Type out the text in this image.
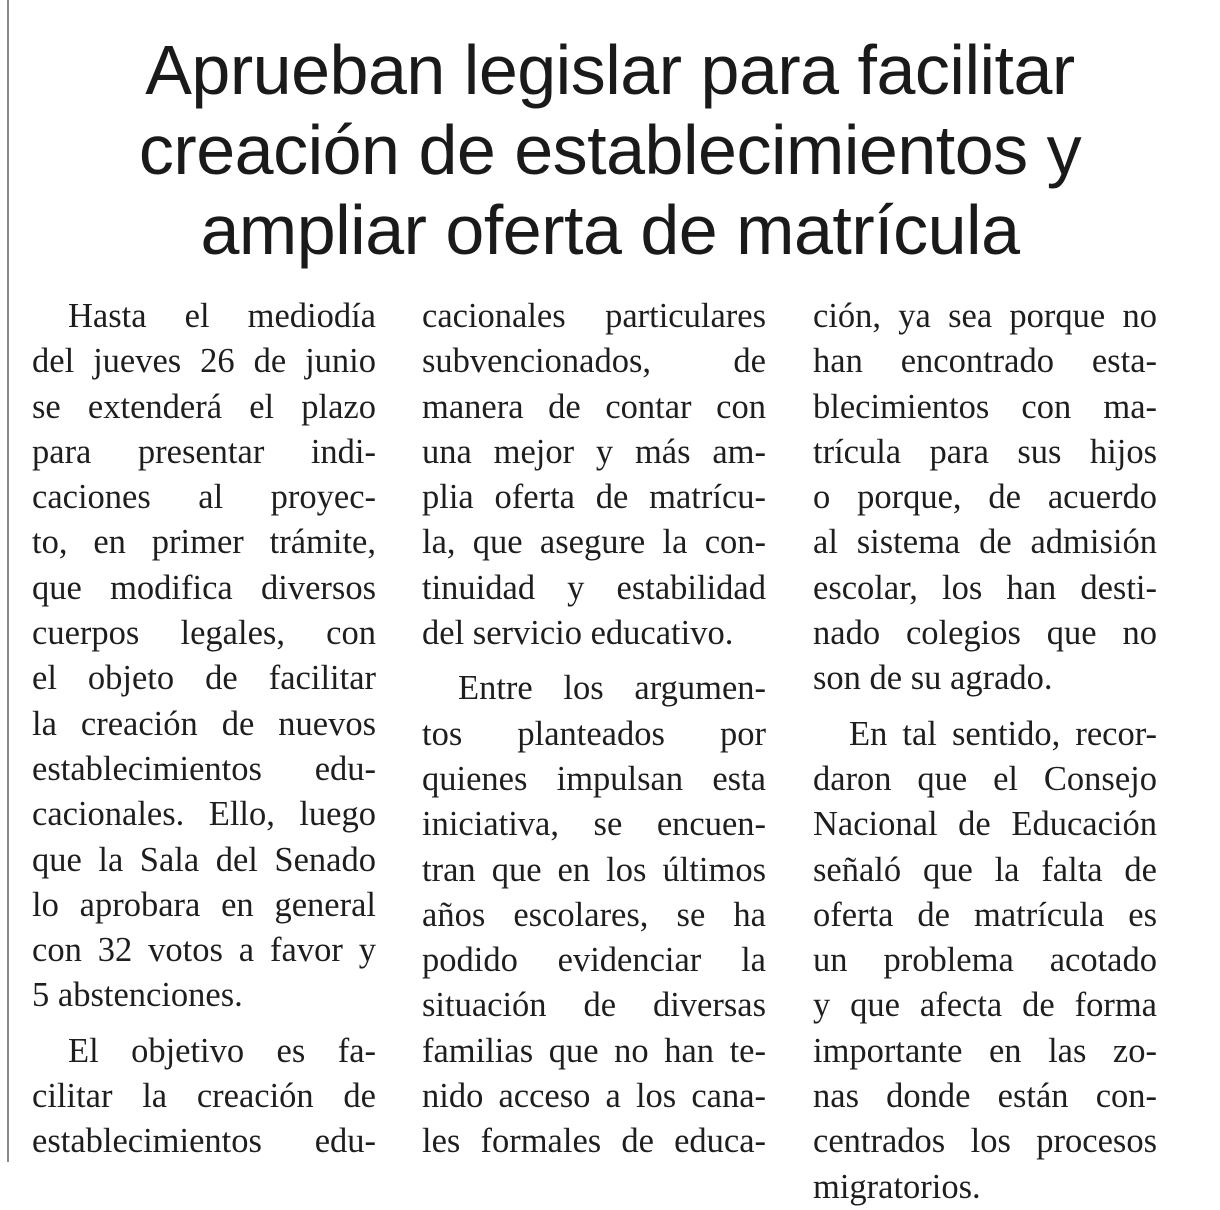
Aprueban legislar para facilitar
creación de establecimientos y
ampliar oferta de matrícula

Hasta el mediodía
del jueves 26 de junio
se extenderá el plazo
para presentar indi-
caciones al proyec-
to, en primer trámite,
que modifica diversos
cuerpos legales, con
el objeto de facilitar
la creación de nuevos
establecimientos edu-
cacionales. Ello, luego
que la Sala del Senado
lo aprobara en general
con 32 votos a favor y
5 abstenciones.

El objetivo es fa-
cilitar la creación de
establecimientos edu-

cacionales particulares
subvencionados, de
manera de contar con
una mejor y más am-
plia oferta de matrícu-
la, que asegure la con-
tinuidad y estabilidad
del servicio educativo.

Entre los argumen-
tos planteados por
quienes impulsan esta
iniciativa, se encuen-
tran que en los últimos
años escolares, se ha
podido evidenciar la
situación de diversas
familias que no han te-
nido acceso a los cana-
les formales de educa-

ción, ya sea porque no
han encontrado esta-
blecimientos con ma-
trícula para sus hijos
o porque, de acuerdo
al sistema de admisión
escolar, los han desti-
nado colegios que no
son de su agrado.

En tal sentido, recor-
daron que el Consejo
Nacional de Educación
señaló que la falta de
oferta de matrícula es
un problema acotado
y que afecta de forma
importante en las zo-
nas donde están con-
centrados los procesos
migratorios.
